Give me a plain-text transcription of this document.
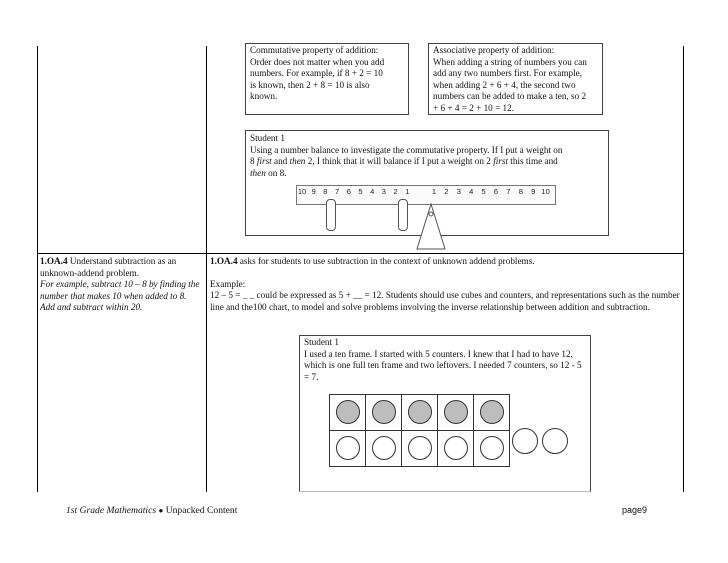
Commutative property of addition:

Order does not matter when you add

numbers. For example, if 8 + 2 = 10

is known, then 2 + 8 = 10 is also

known.

Associative property of addition:

When adding a string of numbers you can

add any two numbers first. For example,

when adding 2 + 6 + 4, the second two

numbers can be added to make a ten, so 2

+ 6 + 4 = 2 + 10 = 12.

Student 1

Using a number balance to investigate the commutative property. If I put a weight on

8 first and then 2, I think that it will balance if I put a weight on 2 first this time and

then on 8.

10 9	8	7	6	5	4	3	2	1	1	2	3	4	5	6	7	8	9 10

1.OA.4 Understand subtraction as an unknown-addend problem.

For example, subtract 10 – 8 by finding the number that makes 10 when added to 8. Add and subtract within 20.

1.OA.4 asks for students to use subtraction in the context of unknown addend problems.

Example:

12 – 5 = _ _ could be expressed as 5 + __ = 12. Students should use cubes and counters, and representations such as the number line and the100 chart, to model and solve problems involving the inverse relationship between addition and subtraction.

Student 1

I used a ten frame. I started with 5 counters. I knew that I had to have 12, which is one full ten frame and two leftovers. I needed 7 counters, so 12 - 5 = 7.

1st Grade Mathematics ● Unpacked Content	page9
